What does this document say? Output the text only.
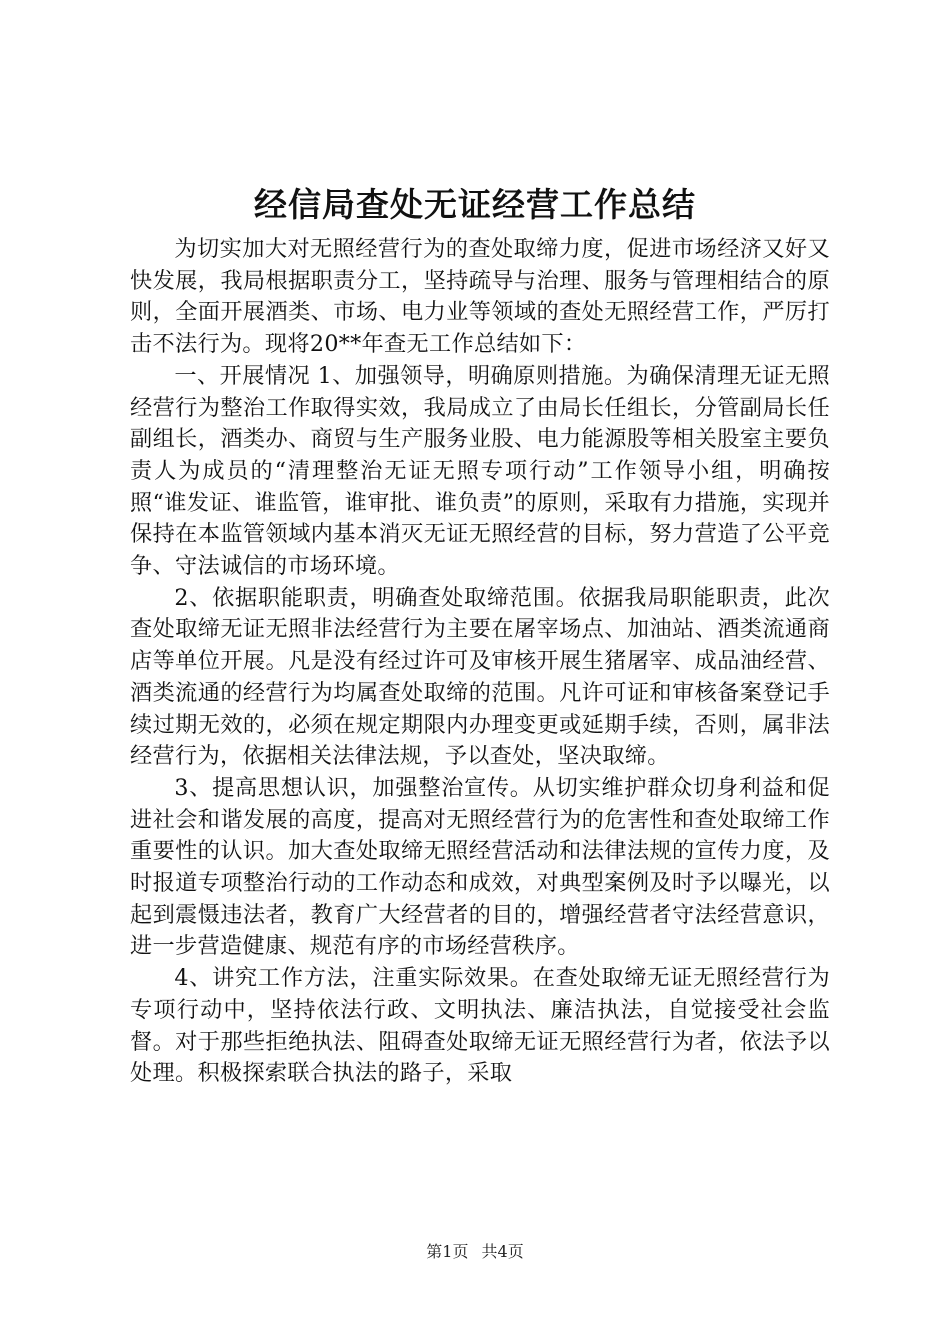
经信局查处无证经营工作总结

为切实加大对无照经营行为的查处取缔力度，促进市场经济又好又快发展，我局根据职责分工，坚持疏导与治理、服务与管理相结合的原则，全面开展酒类、市场、电力业等领域的查处无照经营工作，严厉打击不法行为。现将20**年查无工作总结如下：

一、开展情况 1、加强领导，明确原则措施。为确保清理无证无照经营行为整治工作取得实效，我局成立了由局长任组长，分管副局长任副组长，酒类办、商贸与生产服务业股、电力能源股等相关股室主要负责人为成员的“清理整治无证无照专项行动”工作领导小组，明确按照“谁发证、谁监管，谁审批、谁负责”的原则，采取有力措施，实现并保持在本监管领域内基本消灭无证无照经营的目标，努力营造了公平竞争、守法诚信的市场环境。

2、依据职能职责，明确查处取缔范围。依据我局职能职责，此次查处取缔无证无照非法经营行为主要在屠宰场点、加油站、酒类流通商店等单位开展。凡是没有经过许可及审核开展生猪屠宰、成品油经营、酒类流通的经营行为均属查处取缔的范围。凡许可证和审核备案登记手续过期无效的，必须在规定期限内办理变更或延期手续，否则，属非法经营行为，依据相关法律法规，予以查处，坚决取缔。

3、提高思想认识，加强整治宣传。从切实维护群众切身利益和促进社会和谐发展的高度，提高对无照经营行为的危害性和查处取缔工作重要性的认识。加大查处取缔无照经营活动和法律法规的宣传力度，及时报道专项整治行动的工作动态和成效，对典型案例及时予以曝光，以起到震慑违法者，教育广大经营者的目的，增强经营者守法经营意识，进一步营造健康、规范有序的市场经营秩序。

4、讲究工作方法，注重实际效果。在查处取缔无证无照经营行为专项行动中，坚持依法行政、文明执法、廉洁执法，自觉接受社会监督。对于那些拒绝执法、阻碍查处取缔无证无照经营行为者，依法予以处理。积极探索联合执法的路子，采取

第1页 共4页
